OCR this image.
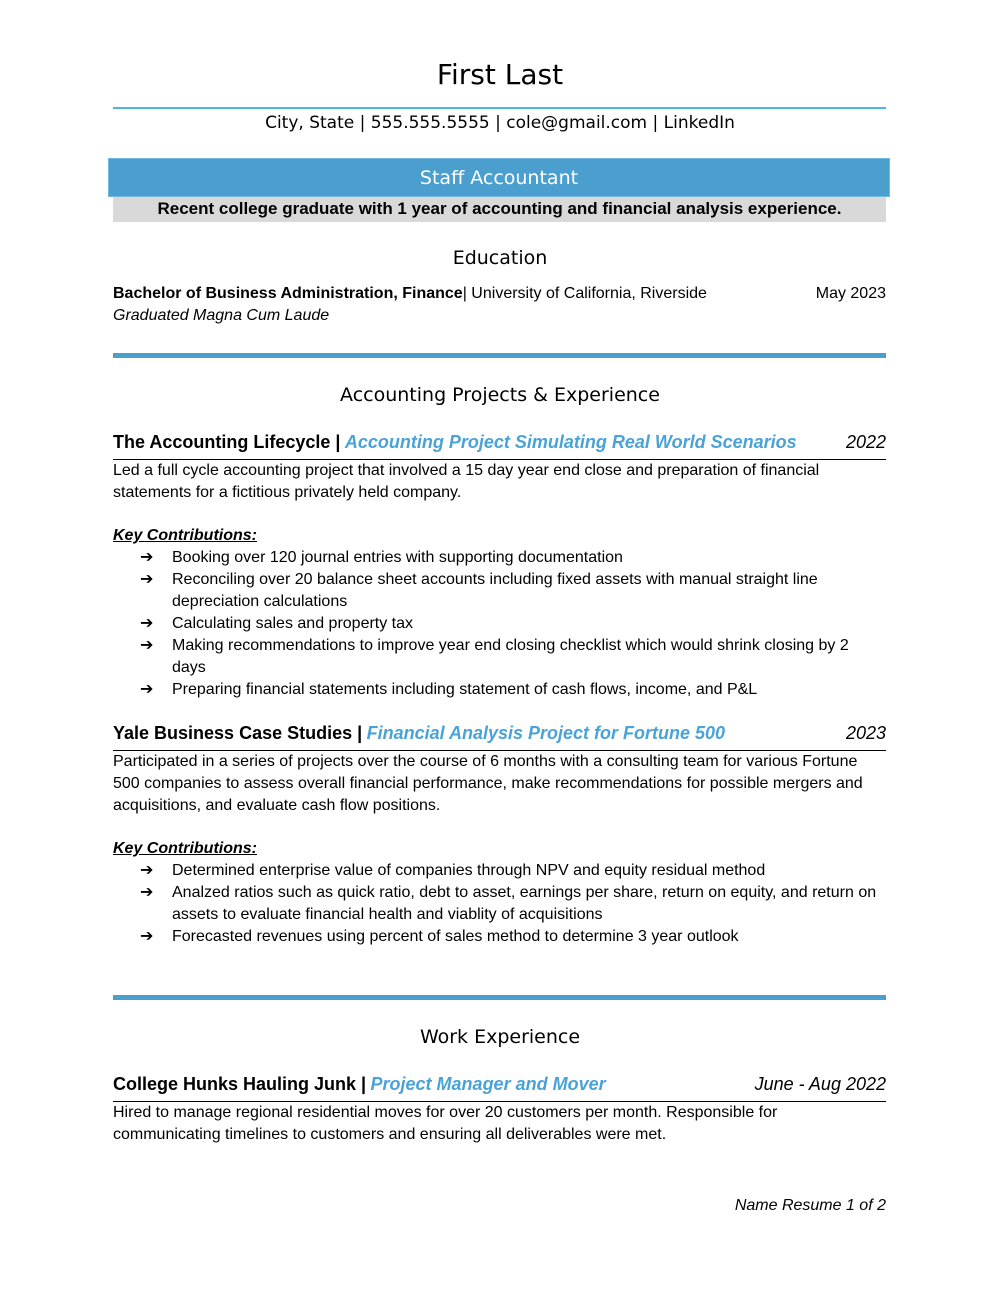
First Last
City, State | 555.555.5555 | cole@gmail.com | LinkedIn
Staff Accountant
Recent college graduate with 1 year of accounting and financial analysis experience.
Education
Bachelor of Business Administration, Finance| University of California, Riverside	May 2023
Graduated Magna Cum Laude
Accounting Projects & Experience
The Accounting Lifecycle | Accounting Project Simulating Real World Scenarios	2022
Led a full cycle accounting project that involved a 15 day year end close and preparation of financial statements for a fictitious privately held company.
Key Contributions:
➔ Booking over 120 journal entries with supporting documentation
➔ Reconciling over 20 balance sheet accounts including fixed assets with manual straight line depreciation calculations
➔ Calculating sales and property tax
➔ Making recommendations to improve year end closing checklist which would shrink closing by 2 days
➔ Preparing financial statements including statement of cash flows, income, and P&L
Yale Business Case Studies | Financial Analysis Project for Fortune 500	2023
Participated in a series of projects over the course of 6 months with a consulting team for various Fortune 500 companies to assess overall financial performance, make recommendations for possible mergers and acquisitions, and evaluate cash flow positions.
Key Contributions:
➔ Determined enterprise value of companies through NPV and equity residual method
➔ Analzed ratios such as quick ratio, debt to asset, earnings per share, return on equity, and return on assets to evaluate financial health and viablity of acquisitions
➔ Forecasted revenues using percent of sales method to determine 3 year outlook
Work Experience
College Hunks Hauling Junk | Project Manager and Mover	June - Aug 2022
Hired to manage regional residential moves for over 20 customers per month. Responsible for communicating timelines to customers and ensuring all deliverables were met.
Name Resume 1 of 2
